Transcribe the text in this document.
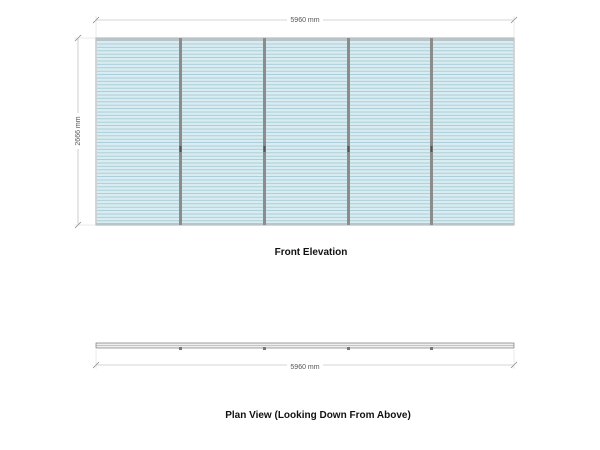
5960 mm
2666 mm
Front Elevation
5960 mm
Plan View (Looking Down From Above)
